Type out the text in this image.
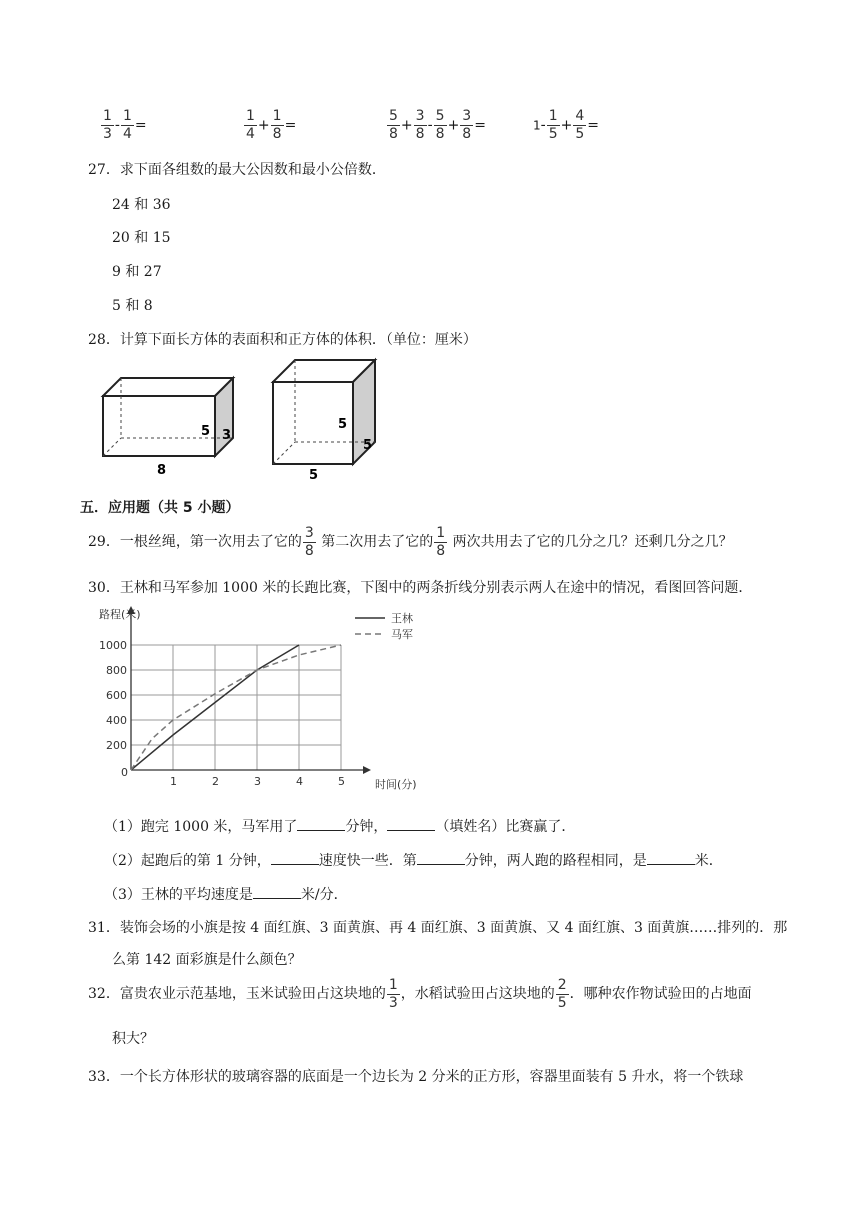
$\frac{1}{3} - \frac{1}{4}$ =	$\frac{1}{4} + \frac{1}{8}$ =	$\frac{5}{8} + \frac{3}{8} - \frac{5}{8} + \frac{3}{8}$ =	$1- \frac{1}{5} + \frac{4}{5}$ =
27．求下面各组数的最大公因数和最小公倍数．
24 和 36
20 和 15
9 和 27
5 和 8
28．计算下面长方体的表面积和正方体的体积．（单位：厘米）
5 3
8
5
5
5
五．应用题（共 5 小题）
29．一根丝绳，第一次用去了它的 $\frac{3}{8}$ 第二次用去了它的 $\frac{1}{8}$ 两次共用去了它的几分之几？还剩几分之几？
30．王林和马军参加 1000 米的长跑比赛，下图中的两条折线分别表示两人在途中的情况，看图回答问题．
1	2	3	4	5
200
400
600
800
1000
0
王林
马军
路程(米)
时间(分)
（1）跑完 1000 米，马军用了	分钟，	（填姓名）比赛赢了．
（2）起跑后的第 1 分钟，	速度快一些．第	分钟，两人跑的路程相同，是	米．
（3）王林的平均速度是	米/分．
31．装饰会场的小旗是按 4 面红旗、3 面黄旗、再 4 面红旗、3 面黄旗、又 4 面红旗、3 面黄旗……排列的．那
么第 142 面彩旗是什么颜色？
32．富贵农业示范基地，玉米试验田占这块地的 $\frac{1}{3}$ ，水稻试验田占这块地的 $\frac{2}{5}$ ．哪种农作物试验田的占地面
积大？
33．一个长方体形状的玻璃容器的底面是一个边长为 2 分米的正方形，容器里面装有 5 升水，将一个铁球
